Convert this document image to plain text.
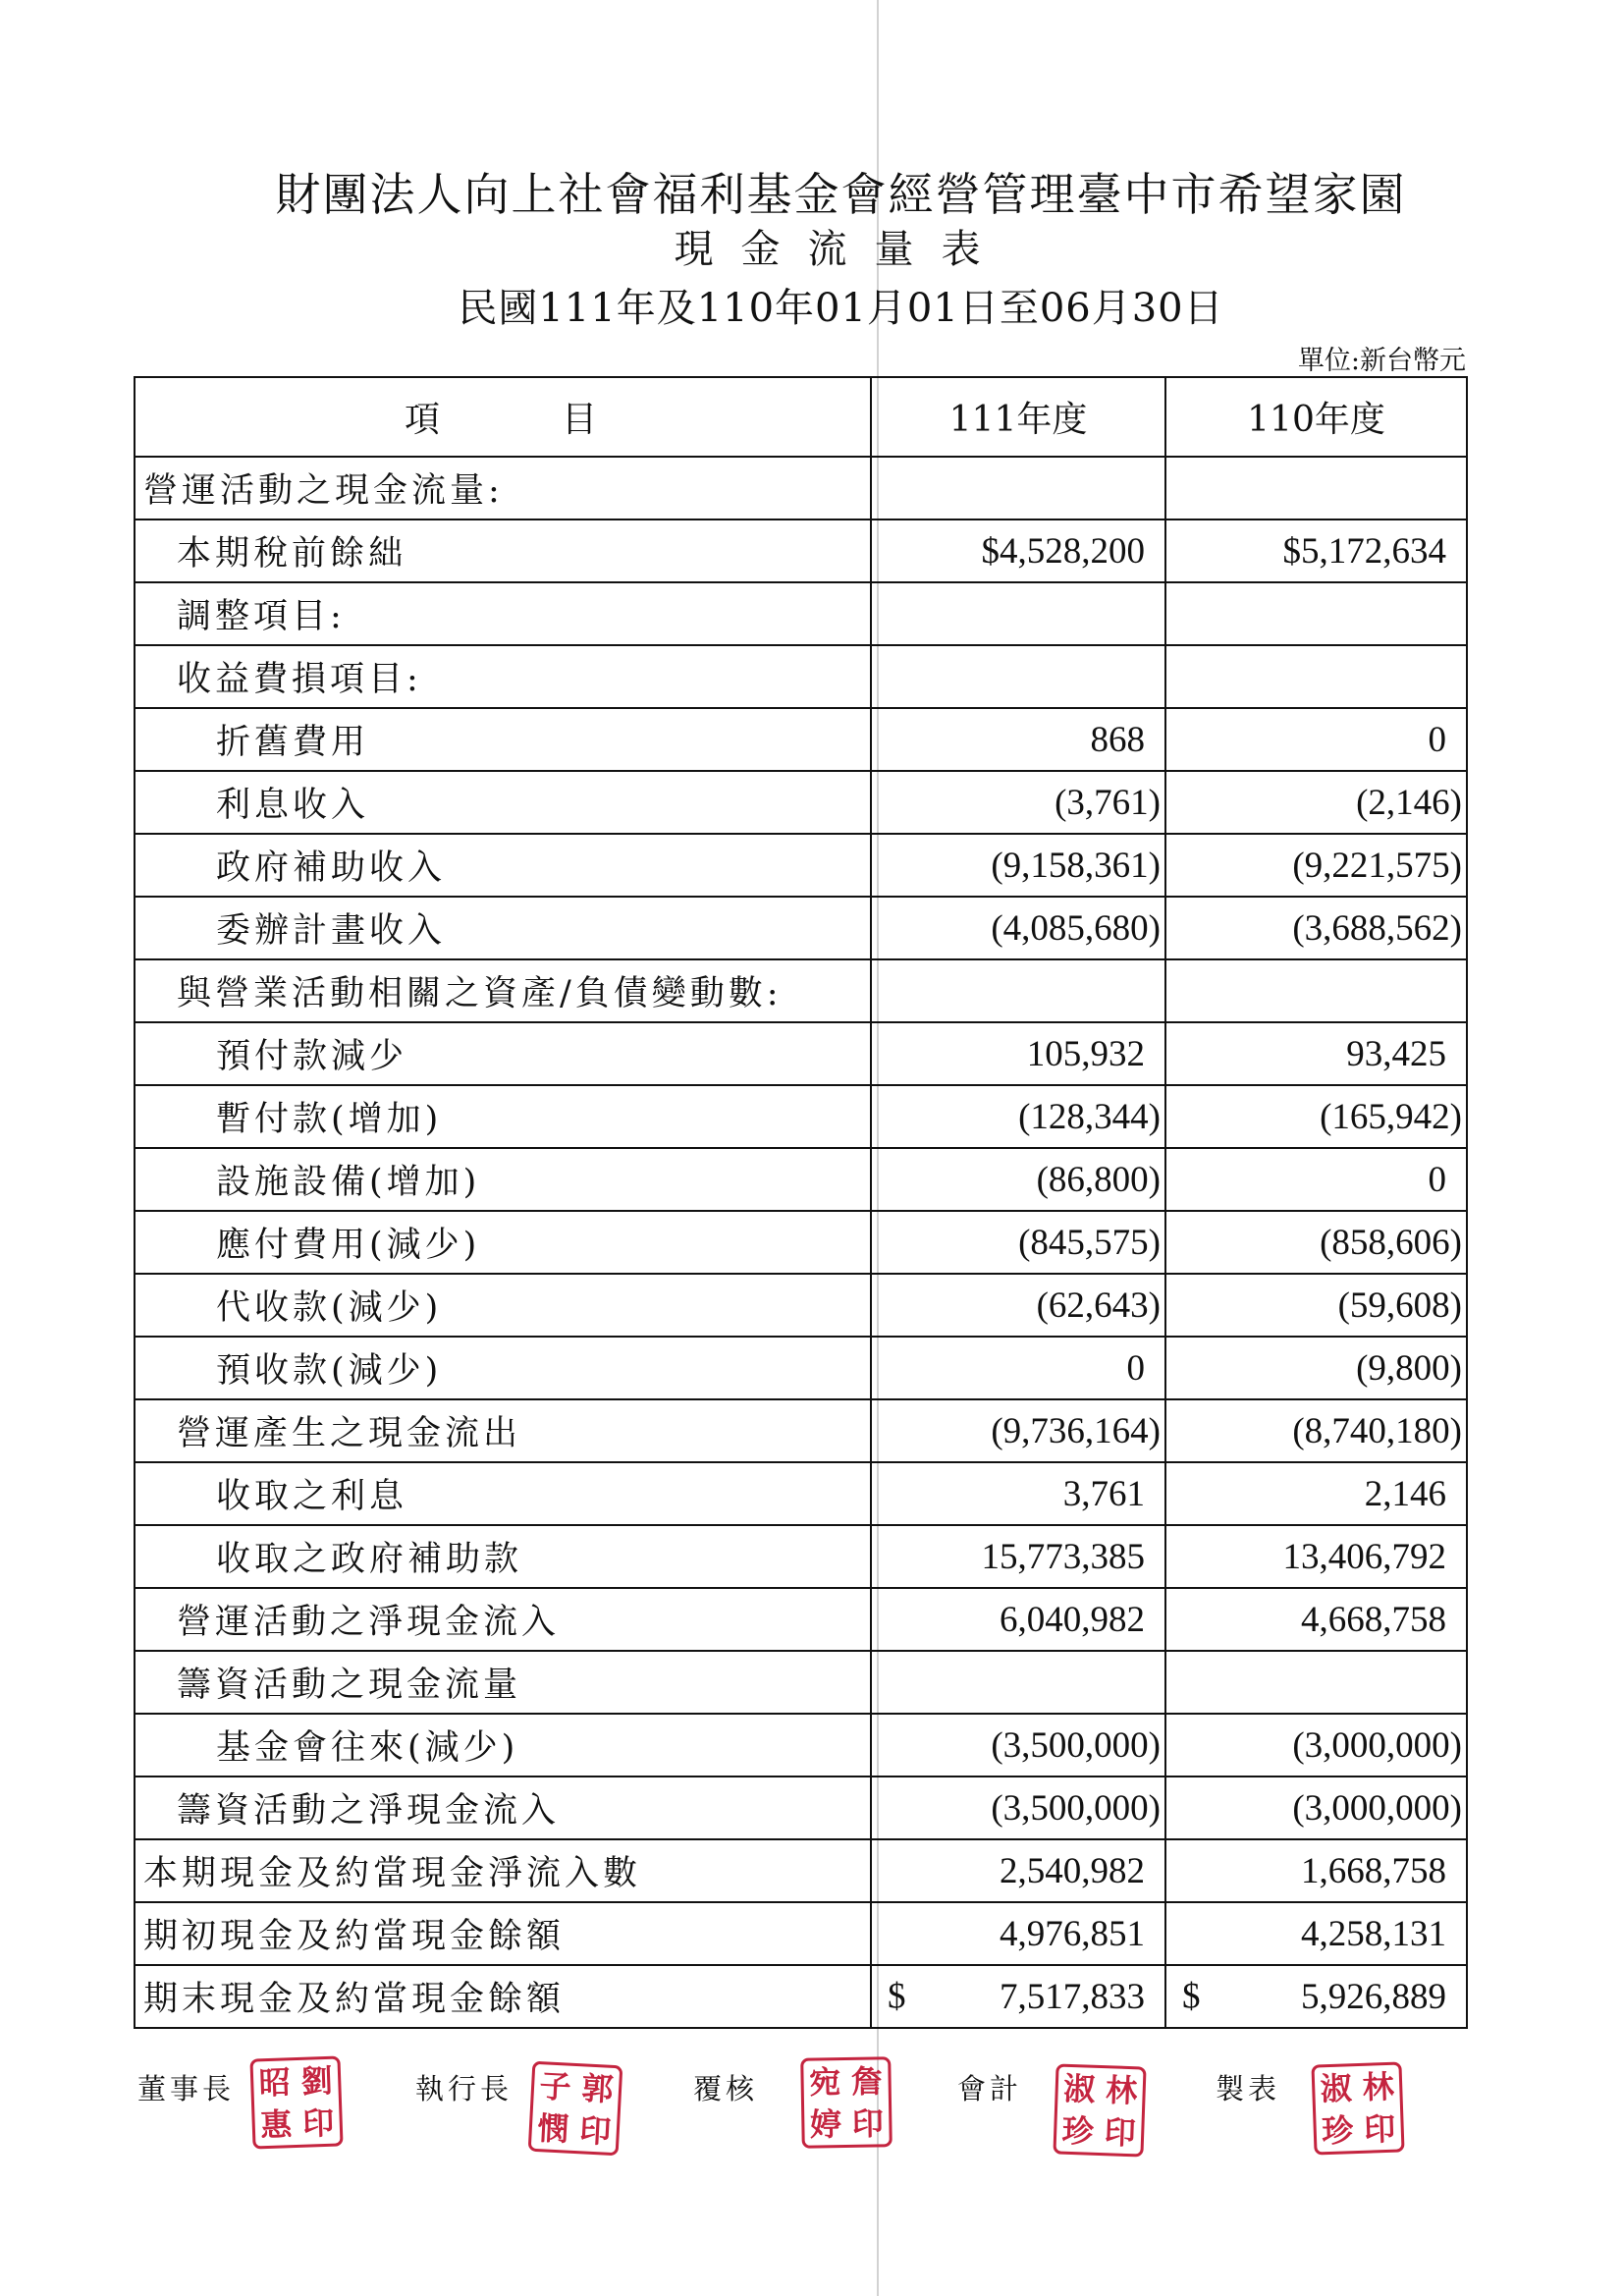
財團法人向上社會福利基金會經營管理臺中市希望家園
現金流量表
民國111年及110年01月01日至06月30日
單位:新台幣元
項 目	111年度	110年度
營運活動之現金流量:		
本期稅前餘絀	$4,528,200	$5,172,634
調整項目:		
收益費損項目:		
折舊費用	868	0
利息收入	(3,761)	(2,146)
政府補助收入	(9,158,361)	(9,221,575)
委辦計畫收入	(4,085,680)	(3,688,562)
與營業活動相關之資產/負債變動數:		
預付款減少	105,932	93,425
暫付款(增加)	(128,344)	(165,942)
設施設備(增加)	(86,800)	0
應付費用(減少)	(845,575)	(858,606)
代收款(減少)	(62,643)	(59,608)
預收款(減少)	0	(9,800)
營運產生之現金流出	(9,736,164)	(8,740,180)
收取之利息	3,761	2,146
收取之政府補助款	15,773,385	13,406,792
營運活動之淨現金流入	6,040,982	4,668,758
籌資活動之現金流量		
基金會往來(減少)	(3,500,000)	(3,000,000)
籌資活動之淨現金流入	(3,500,000)	(3,000,000)
本期現金及約當現金淨流入數	2,540,982	1,668,758
期初現金及約當現金餘額	4,976,851	4,258,131
期末現金及約當現金餘額	$ 7,517,833	$ 5,926,889
董事長 昭 劉
惠 印
執行長 子 郭
憫 印
覆核 宛 詹
婷 印
會計 淑 林
珍 印
製表 淑 林
珍 印
